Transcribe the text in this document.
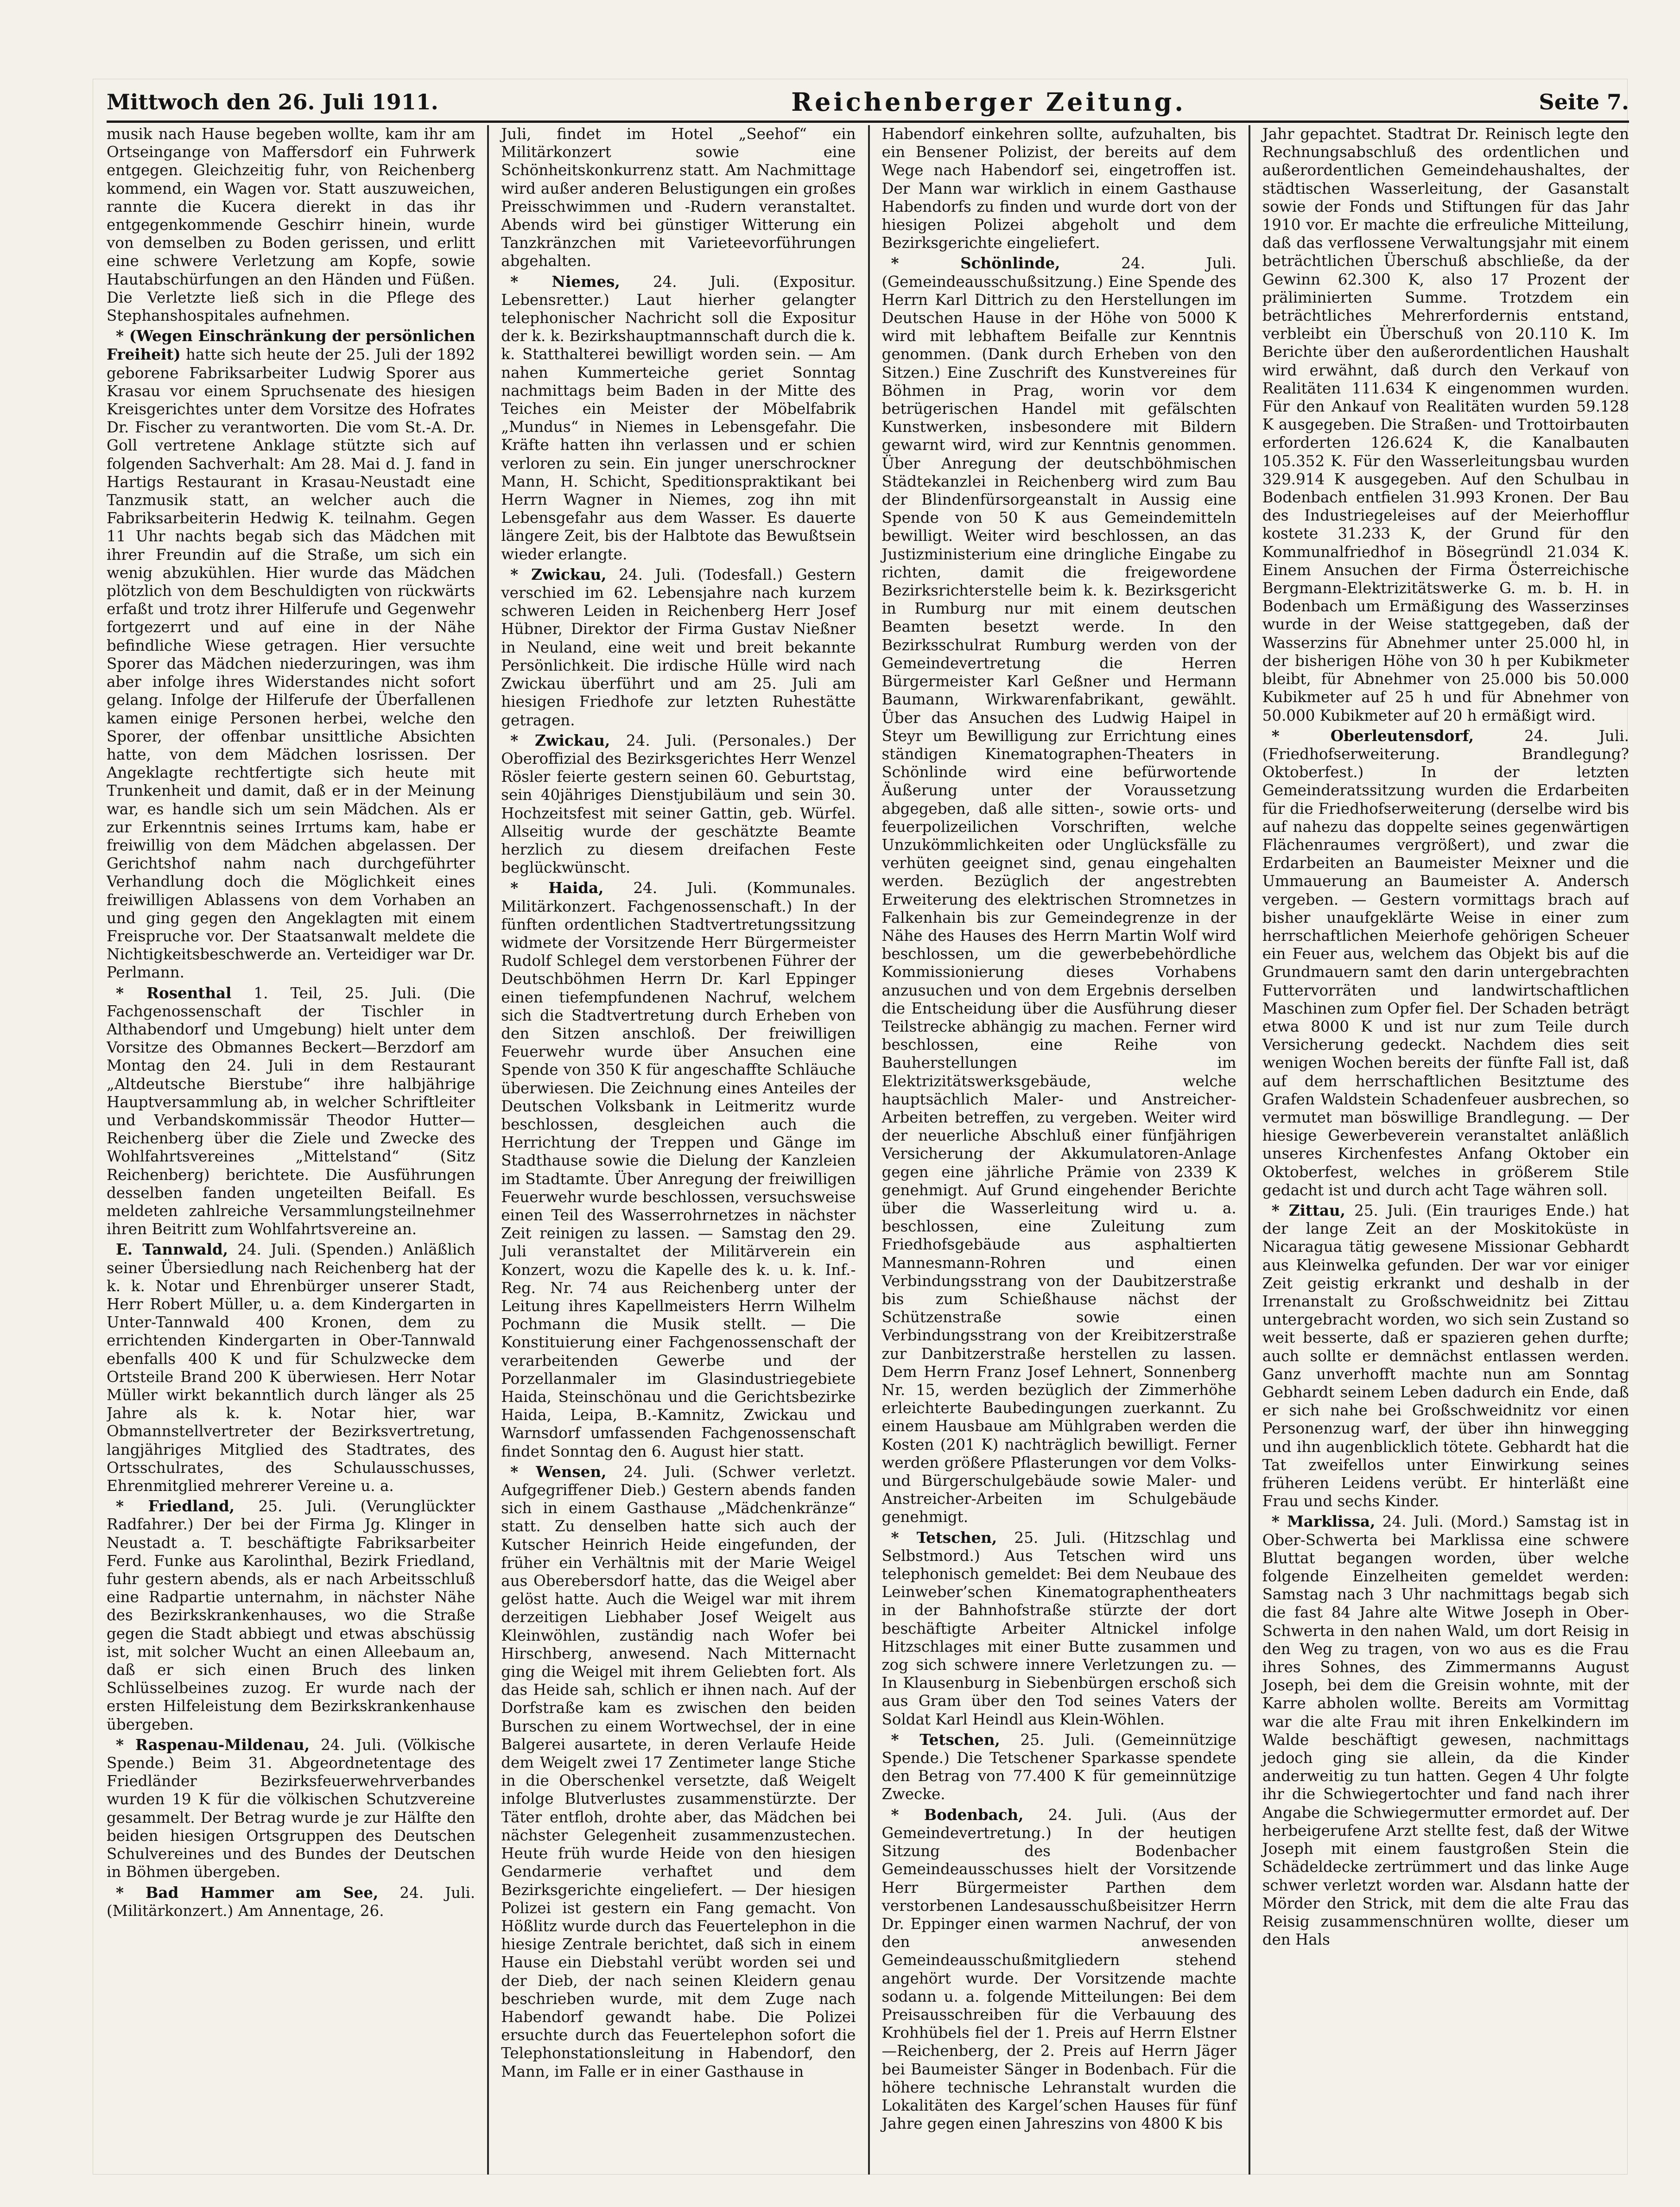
Mittwoch den 26. Juli 1911.	Reichenberger Zeitung.	Seite 7.

musik nach Hause begeben wollte, kam ihr am Ortseingange von Maffersdorf ein Fuhrwerk entgegen. Gleichzeitig fuhr, von Reichenberg kommend, ein Wagen vor. Statt auszuweichen, rannte die Kucera dierekt in das ihr entgegenkommende Geschirr hinein, wurde von demselben zu Boden gerissen, und erlitt eine schwere Verletzung am Kopfe, sowie Hautabschürfungen an den Händen und Füßen. Die Verletzte ließ sich in die Pflege des Stephanshospitales aufnehmen.

* (Wegen Einschränkung der persönlichen Freiheit) hatte sich heute der 25. Juli der 1892 geborene Fabriksarbeiter Ludwig Sporer aus Krasau vor einem Spruchsenate des hiesigen Kreisgerichtes unter dem Vorsitze des Hofrates Dr. Fischer zu verantworten. Die vom St.-A. Dr. Goll vertretene Anklage stützte sich auf folgenden Sachverhalt: Am 28. Mai d. J. fand in Hartigs Restaurant in Krasau-Neustadt eine Tanzmusik statt, an welcher auch die Fabriksarbeiterin Hedwig K. teilnahm. Gegen 11 Uhr nachts begab sich das Mädchen mit ihrer Freundin auf die Straße, um sich ein wenig abzukühlen. Hier wurde das Mädchen plötzlich von dem Beschuldigten von rückwärts erfaßt und trotz ihrer Hilferufe und Gegenwehr fortgezerrt und auf eine in der Nähe befindliche Wiese getragen. Hier versuchte Sporer das Mädchen niederzuringen, was ihm aber infolge ihres Widerstandes nicht sofort gelang. Infolge der Hilferufe der Überfallenen kamen einige Personen herbei, welche den Sporer, der offenbar unsittliche Absichten hatte, von dem Mädchen losrissen. Der Angeklagte rechtfertigte sich heute mit Trunkenheit und damit, daß er in der Meinung war, es handle sich um sein Mädchen. Als er zur Erkenntnis seines Irrtums kam, habe er freiwillig von dem Mädchen abgelassen. Der Gerichtshof nahm nach durchgeführter Verhandlung doch die Möglichkeit eines freiwilligen Ablassens von dem Vorhaben an und ging gegen den Angeklagten mit einem Freispruche vor. Der Staatsanwalt meldete die Nichtigkeitsbeschwerde an. Verteidiger war Dr. Perlmann.

* Rosenthal 1. Teil, 25. Juli. (Die Fachgenossenschaft der Tischler in Althabendorf und Umgebung) hielt unter dem Vorsitze des Obmannes Beckert—Berzdorf am Montag den 24. Juli in dem Restaurant „Altdeutsche Bierstube“ ihre halbjährige Hauptversammlung ab, in welcher Schriftleiter und Verbandskommissär Theodor Hutter—Reichenberg über die Ziele und Zwecke des Wohlfahrtsvereines „Mittelstand“ (Sitz Reichenberg) berichtete. Die Ausführungen desselben fanden ungeteilten Beifall. Es meldeten zahlreiche Versammlungsteilnehmer ihren Beitritt zum Wohlfahrtsvereine an.

E. Tannwald, 24. Juli. (Spenden.) Anläßlich seiner Übersiedlung nach Reichenberg hat der k. k. Notar und Ehrenbürger unserer Stadt, Herr Robert Müller, u. a. dem Kindergarten in Unter-Tannwald 400 Kronen, dem zu errichtenden Kindergarten in Ober-Tannwald ebenfalls 400 K und für Schulzwecke dem Ortsteile Brand 200 K überwiesen. Herr Notar Müller wirkt bekanntlich durch länger als 25 Jahre als k. k. Notar hier, war Obmannstellvertreter der Bezirksvertretung, langjähriges Mitglied des Stadtrates, des Ortsschulrates, des Schulausschusses, Ehrenmitglied mehrerer Vereine u. a.

* Friedland, 25. Juli. (Verunglückter Radfahrer.) Der bei der Firma Jg. Klinger in Neustadt a. T. beschäftigte Fabriksarbeiter Ferd. Funke aus Karolinthal, Bezirk Friedland, fuhr gestern abends, als er nach Arbeitsschluß eine Radpartie unternahm, in nächster Nähe des Bezirkskrankenhauses, wo die Straße gegen die Stadt abbiegt und etwas abschüssig ist, mit solcher Wucht an einen Alleebaum an, daß er sich einen Bruch des linken Schlüsselbeines zuzog. Er wurde nach der ersten Hilfeleistung dem Bezirkskrankenhause übergeben.

* Raspenau-Mildenau, 24. Juli. (Völkische Spende.) Beim 31. Abgeordnetentage des Friedländer Bezirksfeuerwehrverbandes wurden 19 K für die völkischen Schutzvereine gesammelt. Der Betrag wurde je zur Hälfte den beiden hiesigen Ortsgruppen des Deutschen Schulvereines und des Bundes der Deutschen in Böhmen übergeben.

* Bad Hammer am See, 24. Juli. (Militärkonzert.) Am Annentage, 26.

Juli, findet im Hotel „Seehof“ ein Militärkonzert sowie eine Schönheitskonkurrenz statt. Am Nachmittage wird außer anderen Belustigungen ein großes Preisschwimmen und -Rudern veranstaltet. Abends wird bei günstiger Witterung ein Tanzkränzchen mit Varieteevorführungen abgehalten.

* Niemes, 24. Juli. (Expositur. Lebensretter.) Laut hierher gelangter telephonischer Nachricht soll die Expositur der k. k. Bezirkshauptmannschaft durch die k. k. Statthalterei bewilligt worden sein. — Am nahen Kummerteiche geriet Sonntag nachmittags beim Baden in der Mitte des Teiches ein Meister der Möbelfabrik „Mundus“ in Niemes in Lebensgefahr. Die Kräfte hatten ihn verlassen und er schien verloren zu sein. Ein junger unerschrockner Mann, H. Schicht, Speditionspraktikant bei Herrn Wagner in Niemes, zog ihn mit Lebensgefahr aus dem Wasser. Es dauerte längere Zeit, bis der Halbtote das Bewußtsein wieder erlangte.

* Zwickau, 24. Juli. (Todesfall.) Gestern verschied im 62. Lebensjahre nach kurzem schweren Leiden in Reichenberg Herr Josef Hübner, Direktor der Firma Gustav Nießner in Neuland, eine weit und breit bekannte Persönlichkeit. Die irdische Hülle wird nach Zwickau überführt und am 25. Juli am hiesigen Friedhofe zur letzten Ruhestätte getragen.

* Zwickau, 24. Juli. (Personales.) Der Oberoffizial des Bezirksgerichtes Herr Wenzel Rösler feierte gestern seinen 60. Geburtstag, sein 40jähriges Dienstjubiläum und sein 30. Hochzeitsfest mit seiner Gattin, geb. Würfel. Allseitig wurde der geschätzte Beamte herzlich zu diesem dreifachen Feste beglückwünscht.

* Haida, 24. Juli. (Kommunales. Militärkonzert. Fachgenossenschaft.) In der fünften ordentlichen Stadtvertretungssitzung widmete der Vorsitzende Herr Bürgermeister Rudolf Schlegel dem verstorbenen Führer der Deutschböhmen Herrn Dr. Karl Eppinger einen tiefempfundenen Nachruf, welchem sich die Stadtvertretung durch Erheben von den Sitzen anschloß. Der freiwilligen Feuerwehr wurde über Ansuchen eine Spende von 350 K für angeschaffte Schläuche überwiesen. Die Zeichnung eines Anteiles der Deutschen Volksbank in Leitmeritz wurde beschlossen, desgleichen auch die Herrichtung der Treppen und Gänge im Stadthause sowie die Dielung der Kanzleien im Stadtamte. Über Anregung der freiwilligen Feuerwehr wurde beschlossen, versuchsweise einen Teil des Wasserrohrnetzes in nächster Zeit reinigen zu lassen. — Samstag den 29. Juli veranstaltet der Militärverein ein Konzert, wozu die Kapelle des k. u. k. Inf.-Reg. Nr. 74 aus Reichenberg unter der Leitung ihres Kapellmeisters Herrn Wilhelm Pochmann die Musik stellt. — Die Konstituierung einer Fachgenossenschaft der verarbeitenden Gewerbe und der Porzellanmaler im Glasindustriegebiete Haida, Steinschönau und die Gerichtsbezirke Haida, Leipa, B.-Kamnitz, Zwickau und Warnsdorf umfassenden Fachgenossenschaft findet Sonntag den 6. August hier statt.

* Wensen, 24. Juli. (Schwer verletzt. Aufgegriffener Dieb.) Gestern abends fanden sich in einem Gasthause „Mädchenkränze“ statt. Zu denselben hatte sich auch der Kutscher Heinrich Heide eingefunden, der früher ein Verhältnis mit der Marie Weigel aus Oberebersdorf hatte, das die Weigel aber gelöst hatte. Auch die Weigel war mit ihrem derzeitigen Liebhaber Josef Weigelt aus Kleinwöhlen, zuständig nach Wofer bei Hirschberg, anwesend. Nach Mitternacht ging die Weigel mit ihrem Geliebten fort. Als das Heide sah, schlich er ihnen nach. Auf der Dorfstraße kam es zwischen den beiden Burschen zu einem Wortwechsel, der in eine Balgerei ausartete, in deren Verlaufe Heide dem Weigelt zwei 17 Zentimeter lange Stiche in die Oberschenkel versetzte, daß Weigelt infolge Blutverlustes zusammenstürzte. Der Täter entfloh, drohte aber, das Mädchen bei nächster Gelegenheit zusammenzustechen. Heute früh wurde Heide von den hiesigen Gendarmerie verhaftet und dem Bezirksgerichte eingeliefert. — Der hiesigen Polizei ist gestern ein Fang gemacht. Von Hößlitz wurde durch das Feuertelephon in die hiesige Zentrale berichtet, daß sich in einem Hause ein Diebstahl verübt worden sei und der Dieb, der nach seinen Kleidern genau beschrieben wurde, mit dem Zuge nach Habendorf gewandt habe. Die Polizei ersuchte durch das Feuertelephon sofort die Telephonstationsleitung in Habendorf, den Mann, im Falle er in einer Gasthause in

Habendorf einkehren sollte, aufzuhalten, bis ein Bensener Polizist, der bereits auf dem Wege nach Habendorf sei, eingetroffen ist. Der Mann war wirklich in einem Gasthause Habendorfs zu finden und wurde dort von der hiesigen Polizei abgeholt und dem Bezirksgerichte eingeliefert.

* Schönlinde,	24. Juli. (Gemeindeausschußsitzung.) Eine Spende des Herrn Karl Dittrich zu den Herstellungen im Deutschen Hause in der Höhe von 5000 K wird mit lebhaftem Beifalle zur Kenntnis genommen. (Dank durch Erheben von den Sitzen.) Eine Zuschrift des Kunstvereines für Böhmen in Prag, worin vor dem betrügerischen Handel mit gefälschten Kunstwerken, insbesondere mit Bildern gewarnt wird, wird zur Kenntnis genommen. Über Anregung der deutschböhmischen Städtekanzlei in Reichenberg wird zum Bau der Blindenfürsorgeanstalt in Aussig eine Spende von 50 K aus Gemeindemitteln bewilligt. Weiter wird beschlossen, an das Justizministerium eine dringliche Eingabe zu richten, damit die freigewordene Bezirksrichterstelle beim k. k. Bezirksgericht in Rumburg nur mit einem deutschen Beamten besetzt werde. In den Bezirksschulrat Rumburg werden von der Gemeindevertretung die Herren Bürgermeister Karl Geßner und Hermann Baumann, Wirkwarenfabrikant, gewählt. Über das Ansuchen des Ludwig Haipel in Steyr um Bewilligung zur Errichtung eines ständigen Kinematographen-Theaters in Schönlinde wird eine befürwortende Äußerung unter der Voraussetzung abgegeben, daß alle sitten-, sowie orts- und feuerpolizeilichen Vorschriften, welche Unzukömmlichkeiten oder Unglücksfälle zu verhüten geeignet sind, genau eingehalten werden. Bezüglich der angestrebten Erweiterung des elektrischen Stromnetzes in Falkenhain bis zur Gemeindegrenze in der Nähe des Hauses des Herrn Martin Wolf wird beschlossen, um die gewerbebehördliche Kommissionierung dieses Vorhabens anzusuchen und von dem Ergebnis derselben die Entscheidung über die Ausführung dieser Teilstrecke abhängig zu machen. Ferner wird beschlossen, eine Reihe von Bauherstellungen im Elektrizitätswerksgebäude, welche hauptsächlich Maler- und Anstreicher-Arbeiten betreffen, zu vergeben. Weiter wird der neuerliche Abschluß einer fünfjährigen Versicherung der Akkumulatoren-Anlage gegen eine jährliche Prämie von 2339 K genehmigt. Auf Grund eingehender Berichte über die Wasserleitung wird u. a. beschlossen, eine Zuleitung zum Friedhofsgebäude aus asphaltierten Mannesmann-Rohren und einen Verbindungsstrang von der Daubitzerstraße bis zum Schießhause nächst der Schützenstraße sowie einen Verbindungsstrang von der Kreibitzerstraße zur Danbitzerstraße herstellen zu lassen. Dem Herrn Franz Josef Lehnert, Sonnenberg Nr. 15, werden bezüglich der Zimmerhöhe erleichterte Baubedingungen zuerkannt. Zu einem Hausbaue am Mühlgraben werden die Kosten (201 K) nachträglich bewilligt. Ferner werden größere Pflasterungen vor dem Volks- und Bürgerschulgebäude sowie Maler- und Anstreicher-Arbeiten im Schulgebäude genehmigt.

* Tetschen, 25. Juli. (Hitzschlag und Selbstmord.) Aus Tetschen wird uns telephonisch gemeldet: Bei dem Neubaue des Leinweber’schen Kinematographentheaters in der Bahnhofstraße stürzte der dort beschäftigte Arbeiter Altnickel infolge Hitzschlages mit einer Butte zusammen und zog sich schwere innere Verletzungen zu. — In Klausenburg in Siebenbürgen erschoß sich aus Gram über den Tod seines Vaters der Soldat Karl Heindl aus Klein-Wöhlen.

* Tetschen, 25. Juli. (Gemeinnützige Spende.) Die Tetschener Sparkasse spendete den Betrag von 77.400 K für gemeinnützige Zwecke.

* Bodenbach, 24. Juli. (Aus der Gemeindevertretung.) In der heutigen Sitzung des Bodenbacher Gemeindeausschusses hielt der Vorsitzende Herr Bürgermeister Parthen dem verstorbenen Landesausschußbeisitzer Herrn Dr. Eppinger einen warmen Nachruf, der von den anwesenden Gemeindeausschußmitgliedern stehend angehört wurde. Der Vorsitzende machte sodann u. a. folgende Mitteilungen: Bei dem Preisausschreiben für die Verbauung des Krohhübels fiel der 1. Preis auf Herrn Elstner—Reichenberg, der 2. Preis auf Herrn Jäger bei Baumeister Sänger in Bodenbach. Für die höhere technische Lehranstalt wurden die Lokalitäten des Kargel’schen Hauses für fünf Jahre gegen einen Jahreszins von 4800 K bis

Jahr gepachtet. Stadtrat Dr. Reinisch legte den Rechnungsabschluß des ordentlichen und außerordentlichen Gemeindehaushaltes, der städtischen Wasserleitung, der Gasanstalt sowie der Fonds und Stiftungen für das Jahr 1910 vor. Er machte die erfreuliche Mitteilung, daß das verflossene Verwaltungsjahr mit einem beträchtlichen Überschuß abschließe, da der Gewinn 62.300 K, also 17 Prozent der präliminierten Summe. Trotzdem ein beträchtliches Mehrerfordernis entstand, verbleibt ein Überschuß von 20.110 K. Im Berichte über den außerordentlichen Haushalt wird erwähnt, daß durch den Verkauf von Realitäten 111.634 K eingenommen wurden. Für den Ankauf von Realitäten wurden 59.128 K ausgegeben. Die Straßen- und Trottoirbauten erforderten 126.624 K, die Kanalbauten 105.352 K. Für den Wasserleitungsbau wurden 329.914 K ausgegeben. Auf den Schulbau in Bodenbach entfielen 31.993 Kronen. Der Bau des Industriegeleises auf der Meierhofflur kostete 31.233 K, der Grund für den Kommunalfriedhof in Bösegründl 21.034 K. Einem Ansuchen der Firma Österreichische Bergmann-Elektrizitätswerke G. m. b. H. in Bodenbach um Ermäßigung des Wasserzinses wurde in der Weise stattgegeben, daß der Wasserzins für Abnehmer unter 25.000 hl, in der bisherigen Höhe von 30 h per Kubikmeter bleibt, für Abnehmer von 25.000 bis 50.000 Kubikmeter auf 25 h und für Abnehmer von 50.000 Kubikmeter auf 20 h ermäßigt wird.

* Oberleutensdorf,	24. Juli. (Friedhofserweiterung. Brandlegung? Oktoberfest.) In der letzten Gemeinderatssitzung wurden die Erdarbeiten für die Friedhofserweiterung (derselbe wird bis auf nahezu das doppelte seines gegenwärtigen Flächenraumes vergrößert), und zwar die Erdarbeiten an Baumeister Meixner und die Ummauerung an Baumeister A. Andersch vergeben. — Gestern vormittags brach auf bisher unaufgeklärte Weise in einer zum herrschaftlichen Meierhofe gehörigen Scheuer ein Feuer aus, welchem das Objekt bis auf die Grundmauern samt den darin untergebrachten Futtervorräten und landwirtschaftlichen Maschinen zum Opfer fiel. Der Schaden beträgt etwa 8000 K und ist nur zum Teile durch Versicherung gedeckt. Nachdem dies seit wenigen Wochen bereits der fünfte Fall ist, daß auf dem herrschaftlichen Besitztume des Grafen Waldstein Schadenfeuer ausbrechen, so vermutet man böswillige Brandlegung. — Der hiesige Gewerbeverein veranstaltet anläßlich unseres Kirchenfestes Anfang Oktober ein Oktoberfest, welches in größerem Stile gedacht ist und durch acht Tage währen soll.

* Zittau, 25. Juli. (Ein trauriges Ende.) hat der lange Zeit an der Moskitoküste in Nicaragua tätig gewesene Missionar Gebhardt aus Kleinwelka gefunden. Der war vor einiger Zeit geistig erkrankt und deshalb in der Irrenanstalt zu Großschweidnitz bei Zittau untergebracht worden, wo sich sein Zustand so weit besserte, daß er spazieren gehen durfte; auch sollte er demnächst entlassen werden. Ganz unverhofft machte nun am Sonntag Gebhardt seinem Leben dadurch ein Ende, daß er sich nahe bei Großschweidnitz vor einen Personenzug warf, der über ihn hinwegging und ihn augenblicklich tötete. Gebhardt hat die Tat zweifellos unter Einwirkung seines früheren Leidens verübt. Er hinterläßt eine Frau und sechs Kinder.

* Marklissa, 24. Juli. (Mord.) Samstag ist in Ober-Schwerta bei Marklissa eine schwere Bluttat begangen worden, über welche folgende Einzelheiten gemeldet werden: Samstag nach 3 Uhr nachmittags begab sich die fast 84 Jahre alte Witwe Joseph in Ober-Schwerta in den nahen Wald, um dort Reisig in den Weg zu tragen, von wo aus es die Frau ihres Sohnes, des Zimmermanns August Joseph, bei dem die Greisin wohnte, mit der Karre abholen wollte. Bereits am Vormittag war die alte Frau mit ihren Enkelkindern im Walde beschäftigt gewesen, nachmittags jedoch ging sie allein, da die Kinder anderweitig zu tun hatten. Gegen 4 Uhr folgte ihr die Schwiegertochter und fand nach ihrer Angabe die Schwiegermutter ermordet auf. Der herbeigerufene Arzt stellte fest, daß der Witwe Joseph mit einem faustgroßen Stein die Schädeldecke zertrümmert und das linke Auge schwer verletzt worden war. Alsdann hatte der Mörder den Strick, mit dem die alte Frau das Reisig zusammenschnüren wollte, dieser um den Hals
